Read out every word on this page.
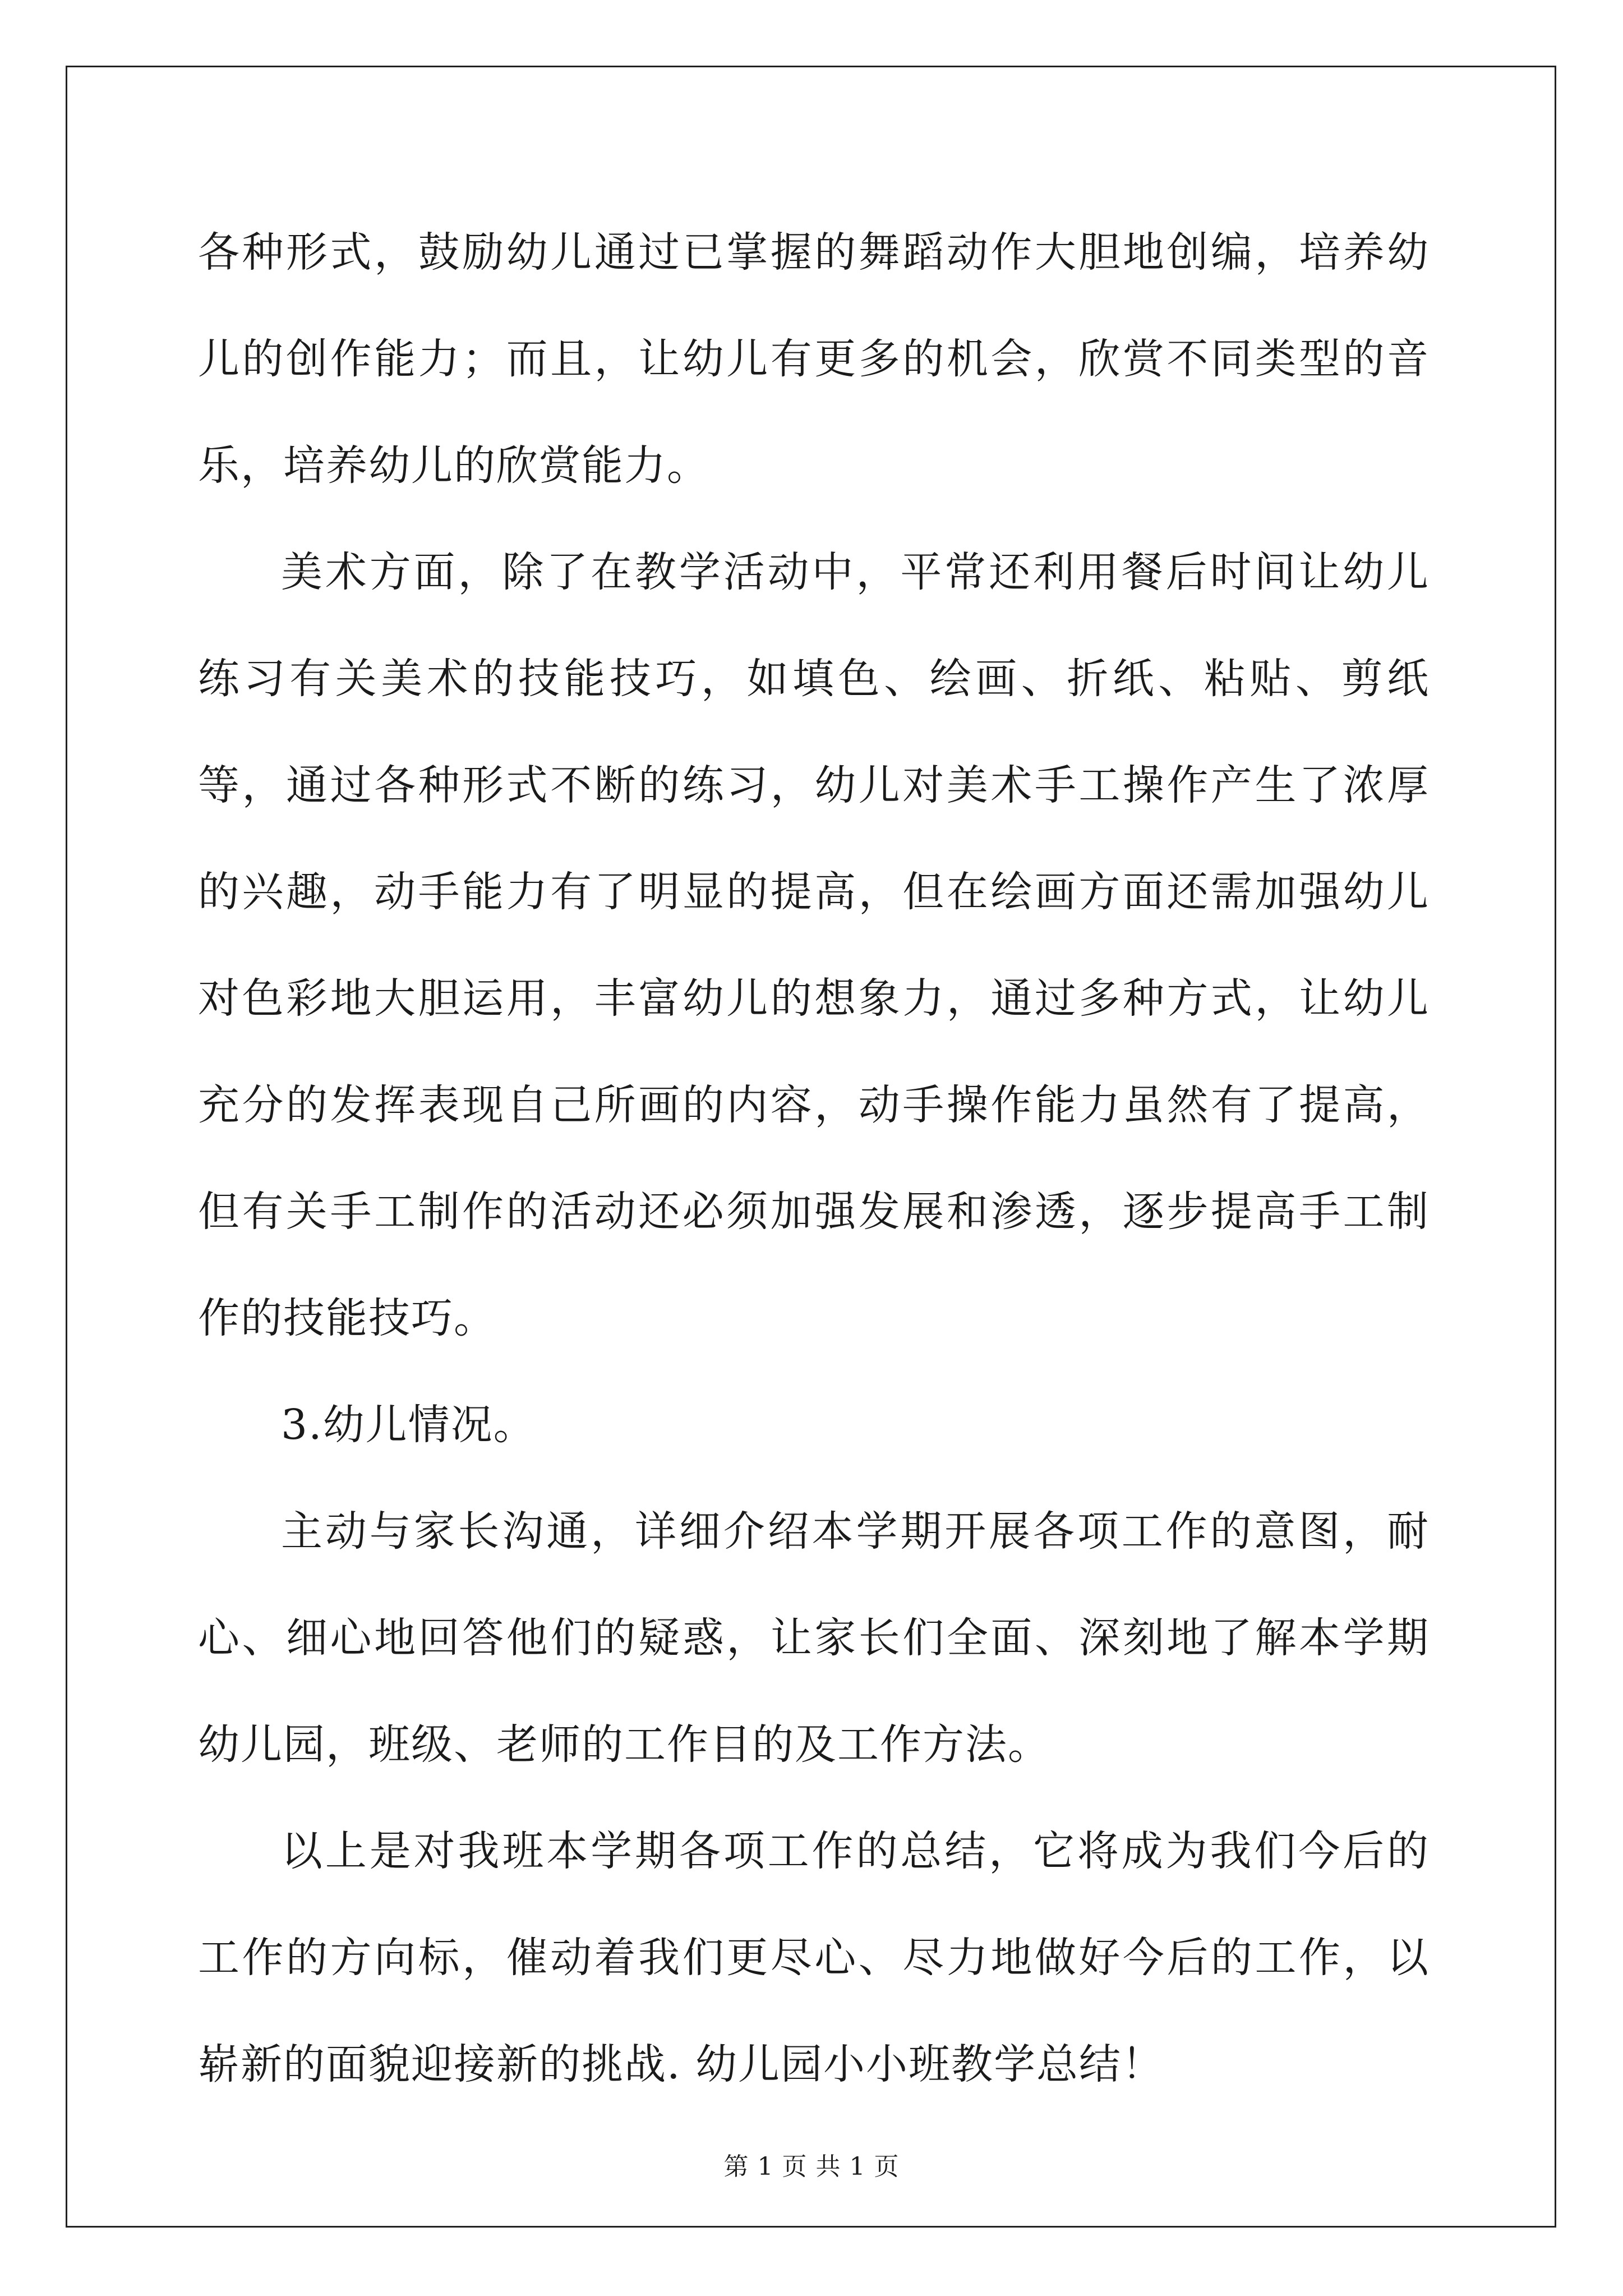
各种形式，鼓励幼儿通过已掌握的舞蹈动作大胆地创编，培养幼儿的创作能力；而且，让幼儿有更多的机会，欣赏不同类型的音乐，培养幼儿的欣赏能力。

美术方面，除了在教学活动中，平常还利用餐后时间让幼儿练习有关美术的技能技巧，如填色、绘画、折纸、粘贴、剪纸等，通过各种形式不断的练习，幼儿对美术手工操作产生了浓厚的兴趣，动手能力有了明显的提高，但在绘画方面还需加强幼儿对色彩地大胆运用，丰富幼儿的想象力，通过多种方式，让幼儿充分的发挥表现自己所画的内容，动手操作能力虽然有了提高，但有关手工制作的活动还必须加强发展和渗透，逐步提高手工制作的技能技巧。

3.幼儿情况。

主动与家长沟通，详细介绍本学期开展各项工作的意图，耐心、细心地回答他们的疑惑，让家长们全面、深刻地了解本学期幼儿园，班级、老师的工作目的及工作方法。

以上是对我班本学期各项工作的总结，它将成为我们今后的工作的方向标，催动着我们更尽心、尽力地做好今后的工作，以崭新的面貌迎接新的挑战. 幼儿园小小班教学总结！

第 1 页 共 1 页
